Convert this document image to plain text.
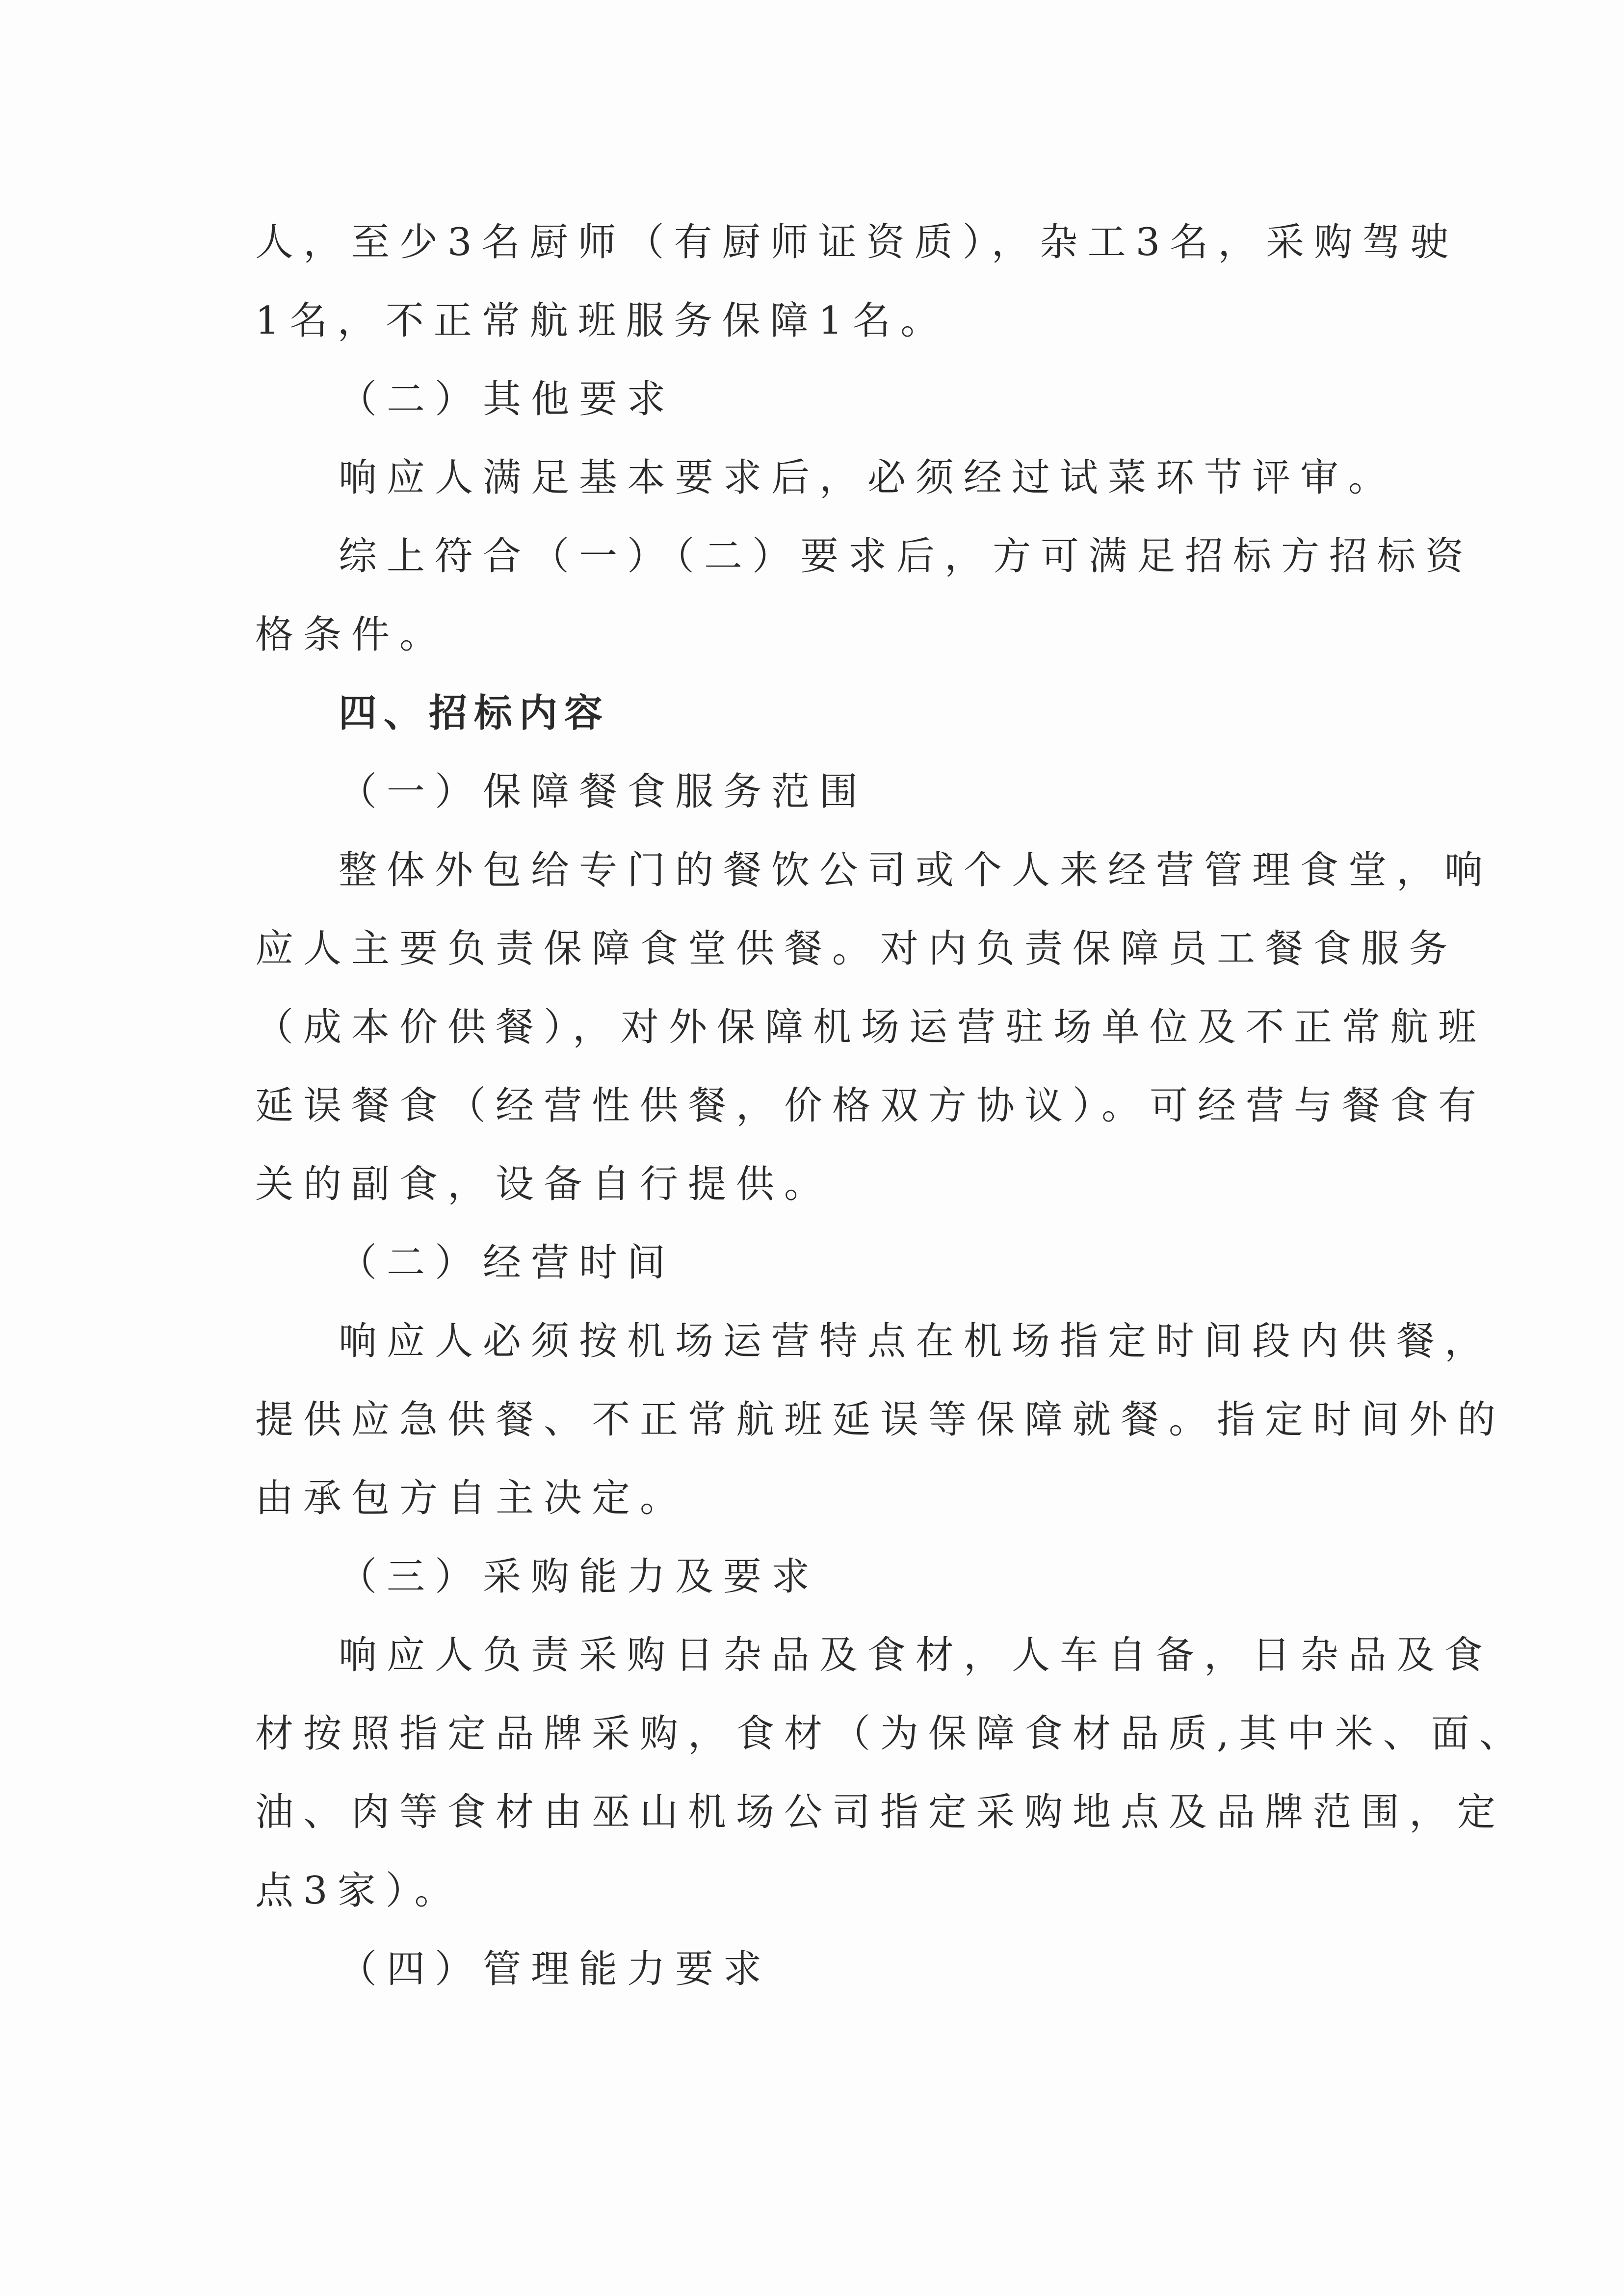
人，至少3名厨师（有厨师证资质），杂工3名，采购驾驶
1名，不正常航班服务保障1名。
（二）其他要求
响应人满足基本要求后，必须经过试菜环节评审。
综上符合（一）（二）要求后，方可满足招标方招标资
格条件。
四、招标内容
（一）保障餐食服务范围
整体外包给专门的餐饮公司或个人来经营管理食堂，响
应人主要负责保障食堂供餐。对内负责保障员工餐食服务
（成本价供餐），对外保障机场运营驻场单位及不正常航班
延误餐食（经营性供餐，价格双方协议）。可经营与餐食有
关的副食，设备自行提供。
（二）经营时间
响应人必须按机场运营特点在机场指定时间段内供餐，
提供应急供餐、不正常航班延误等保障就餐。指定时间外的
由承包方自主决定。
（三）采购能力及要求
响应人负责采购日杂品及食材，人车自备，日杂品及食
材按照指定品牌采购，食材（为保障食材品质,其中米、面、
油、肉等食材由巫山机场公司指定采购地点及品牌范围，定
点3家）。
（四）管理能力要求
